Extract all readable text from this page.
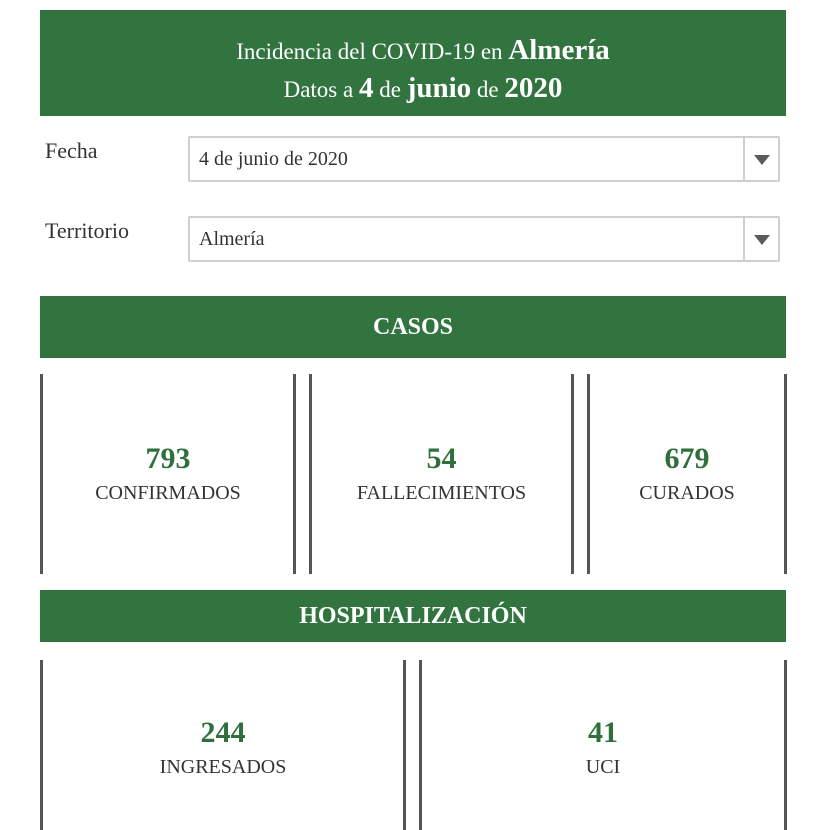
Incidencia del COVID-19 en Almería
Datos a 4 de junio de 2020
Fecha	4 de junio de 2020
Territorio	Almería
CASOS
793
CONFIRMADOS
54
FALLECIMIENTOS
679
CURADOS
HOSPITALIZACIÓN
244
INGRESADOS
41
UCI
